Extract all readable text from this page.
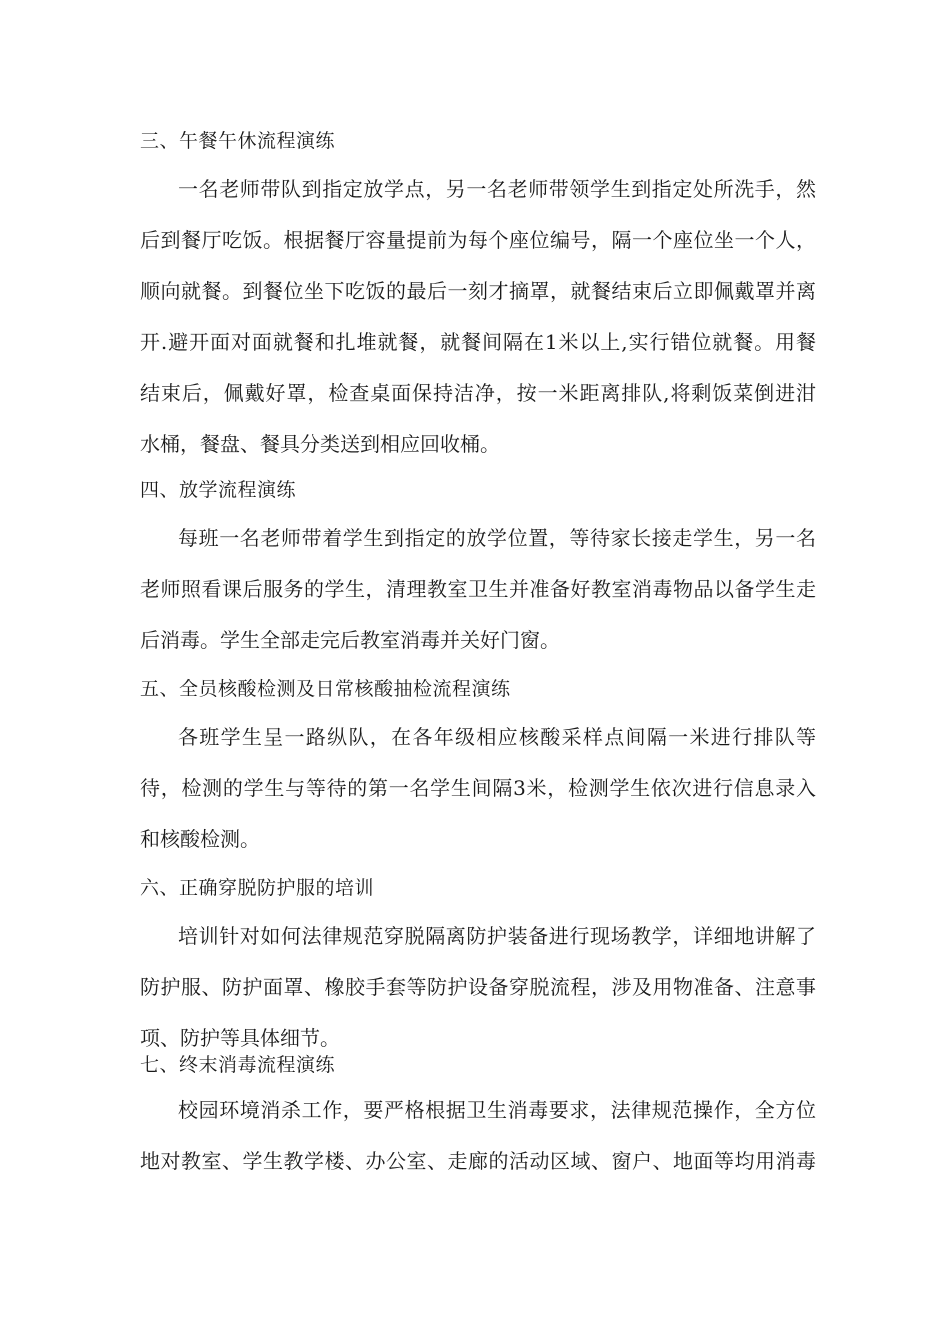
三、午餐午休流程演练
一名老师带队到指定放学点，另一名老师带领学生到指定处所洗手，然
后到餐厅吃饭。根据餐厅容量提前为每个座位编号，隔一个座位坐一个人，
顺向就餐。到餐位坐下吃饭的最后一刻才摘罩，就餐结束后立即佩戴罩并离
开.避开面对面就餐和扎堆就餐，就餐间隔在1米以上,实行错位就餐。用餐
结束后，佩戴好罩，检查桌面保持洁净，按一米距离排队,将剩饭菜倒进泔
水桶，餐盘、餐具分类送到相应回收桶。
四、放学流程演练
每班一名老师带着学生到指定的放学位置，等待家长接走学生，另一名
老师照看课后服务的学生，清理教室卫生并准备好教室消毒物品以备学生走
后消毒。学生全部走完后教室消毒并关好门窗。
五、全员核酸检测及日常核酸抽检流程演练
各班学生呈一路纵队，在各年级相应核酸采样点间隔一米进行排队等
待，检测的学生与等待的第一名学生间隔3米，检测学生依次进行信息录入
和核酸检测。
六、正确穿脱防护服的培训
培训针对如何法律规范穿脱隔离防护装备进行现场教学，详细地讲解了
防护服、防护面罩、橡胶手套等防护设备穿脱流程，涉及用物准备、注意事
项、防护等具体细节。
七、终末消毒流程演练
校园环境消杀工作，要严格根据卫生消毒要求，法律规范操作，全方位
地对教室、学生教学楼、办公室、走廊的活动区域、窗户、地面等均用消毒
